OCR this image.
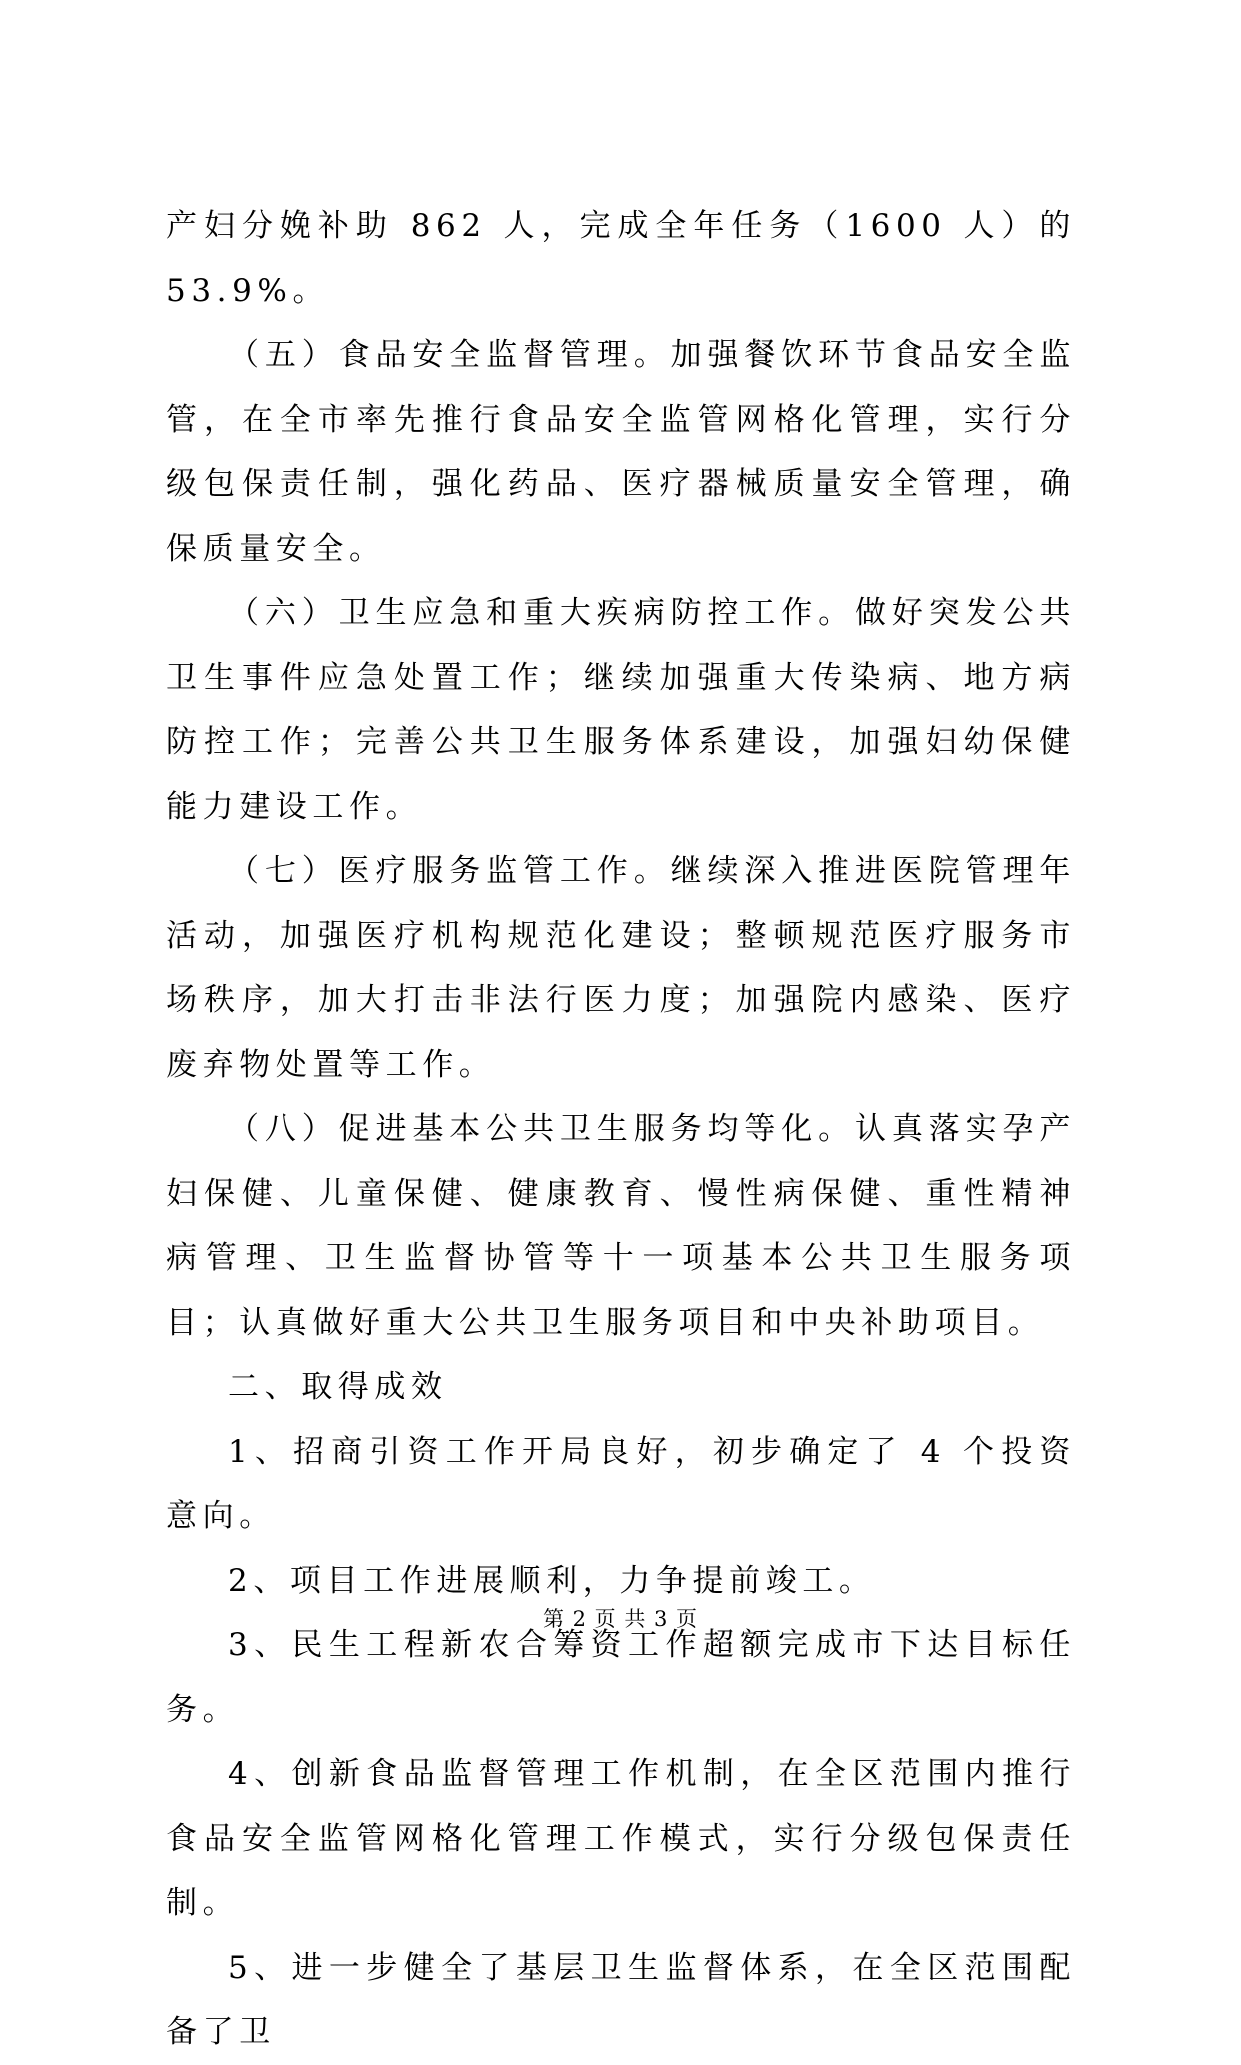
产妇分娩补助 862 人，完成全年任务（1600 人）的 53.9%。

（五）食品安全监督管理。加强餐饮环节食品安全监管，在全市率先推行食品安全监管网格化管理，实行分级包保责任制，强化药品、医疗器械质量安全管理，确保质量安全。

（六）卫生应急和重大疾病防控工作。做好突发公共卫生事件应急处置工作；继续加强重大传染病、地方病防控工作；完善公共卫生服务体系建设，加强妇幼保健能力建设工作。

（七）医疗服务监管工作。继续深入推进医院管理年活动，加强医疗机构规范化建设；整顿规范医疗服务市场秩序，加大打击非法行医力度；加强院内感染、医疗废弃物处置等工作。

（八）促进基本公共卫生服务均等化。认真落实孕产妇保健、儿童保健、健康教育、慢性病保健、重性精神病管理、卫生监督协管等十一项基本公共卫生服务项目；认真做好重大公共卫生服务项目和中央补助项目。

二、取得成效

1、招商引资工作开局良好，初步确定了 4 个投资意向。

2、项目工作进展顺利，力争提前竣工。

3、民生工程新农合筹资工作超额完成市下达目标任务。

4、创新食品监督管理工作机制，在全区范围内推行食品安全监管网格化管理工作模式，实行分级包保责任制。

5、进一步健全了基层卫生监督体系，在全区范围配备了卫

第 2 页 共 3 页
